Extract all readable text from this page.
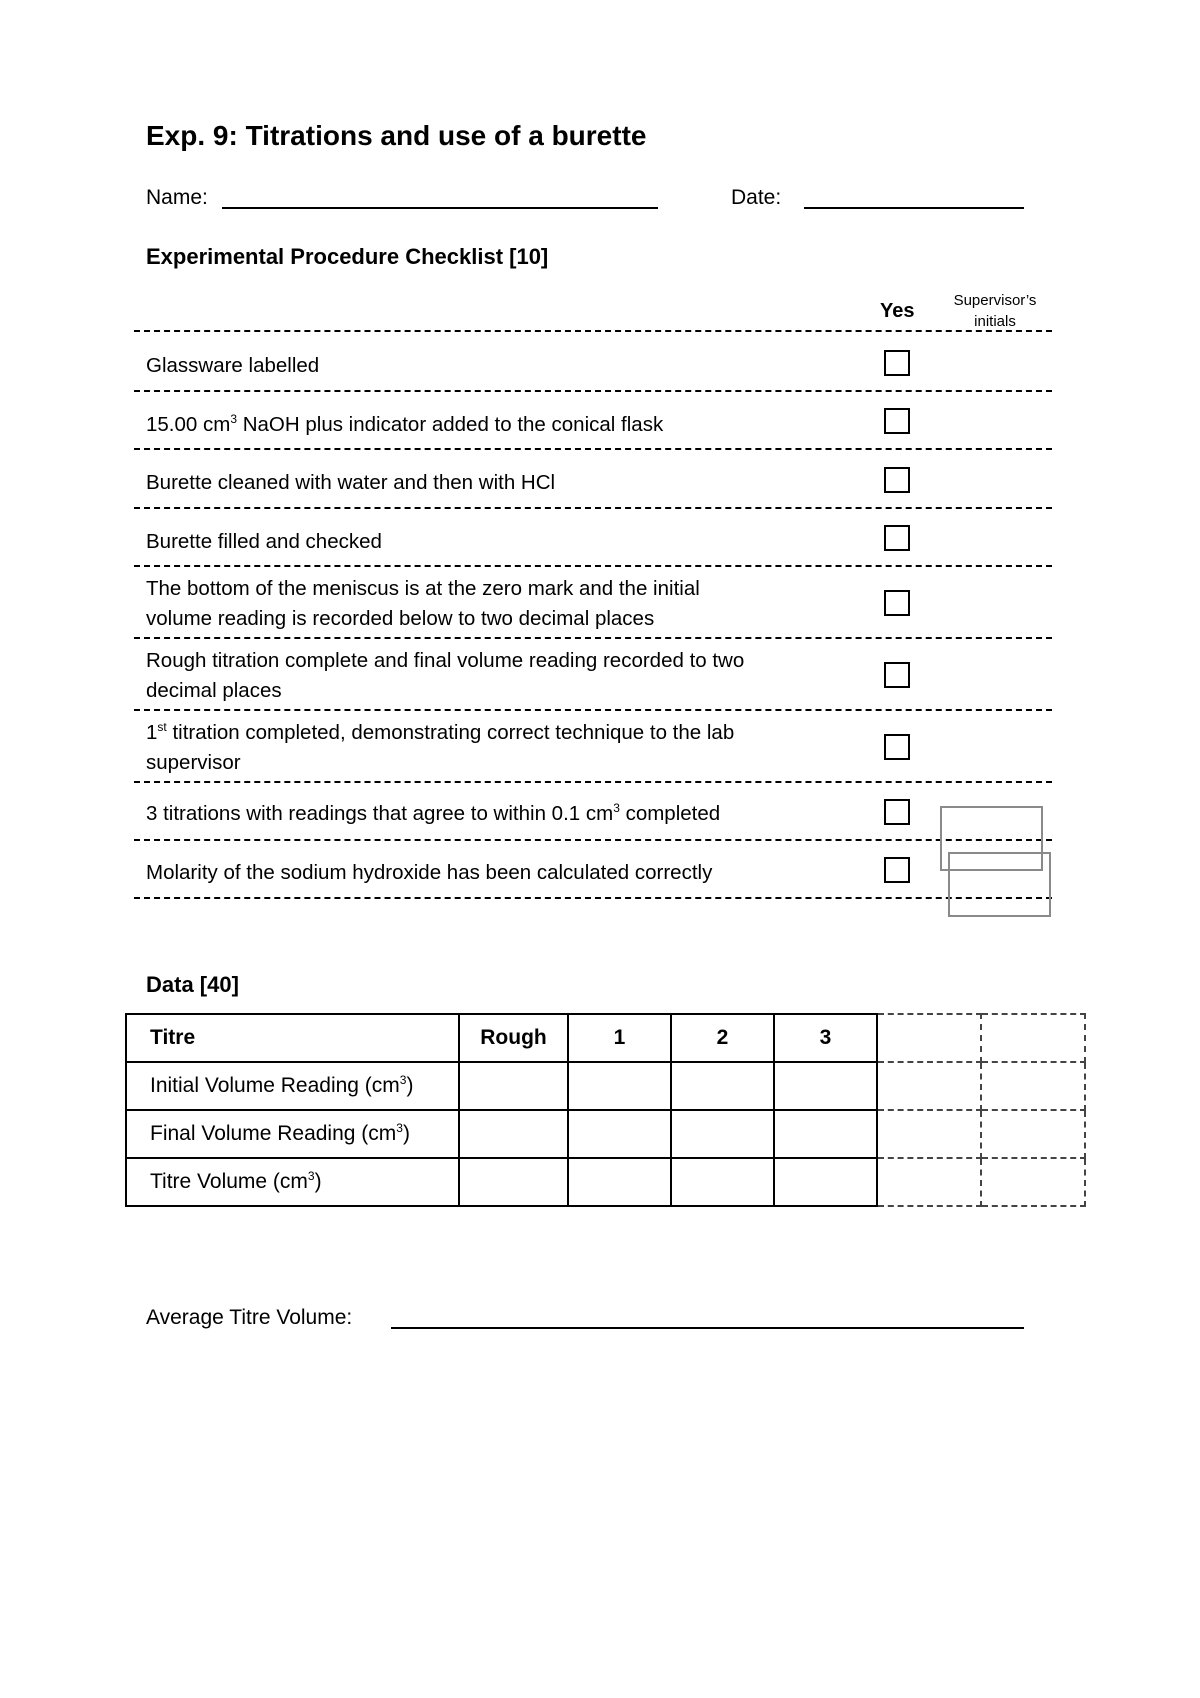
Exp. 9: Titrations and use of a burette
Name:	Date:
Experimental Procedure Checklist [10]
Yes	Supervisor’s
initials
Glassware labelled
15.00 $cm^3$ NaOH plus indicator added to the conical flask
Burette cleaned with water and then with HCl
Burette filled and checked
The bottom of the meniscus is at the zero mark and the initial
volume reading is recorded below to two decimal places
Rough titration complete and final volume reading recorded to two
decimal places
1st titration completed, demonstrating correct technique to the lab
supervisor
3 titrations with readings that agree to within 0.1 $cm^3$ completed
Molarity of the sodium hydroxide has been calculated correctly
Data [40]
Titre	Rough	1	2	3		
Initial Volume Reading $(cm^3)$						
Final Volume Reading $(cm^3)$						
Titre Volume $(cm^3)$						
Average Titre Volume:
